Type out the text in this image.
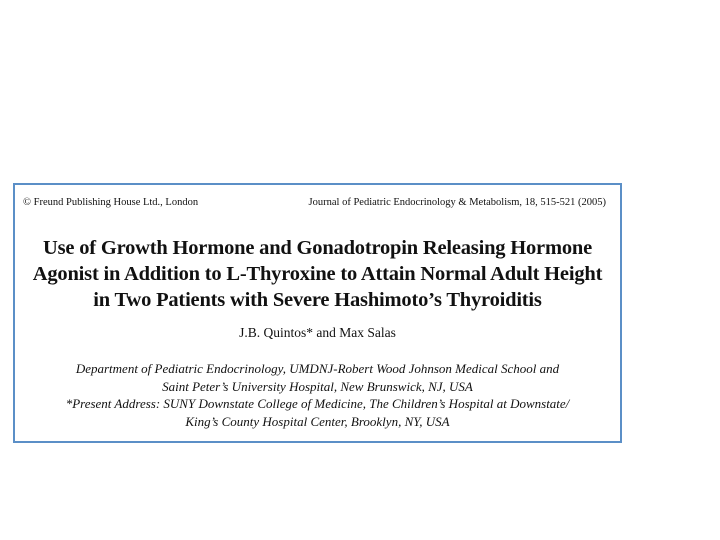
© Freund Publishing House Ltd., London	Journal of Pediatric Endocrinology & Metabolism, 18, 515-521 (2005)
Use of Growth Hormone and Gonadotropin Releasing Hormone
Agonist in Addition to L-Thyroxine to Attain Normal Adult Height
in Two Patients with Severe Hashimoto’s Thyroiditis
J.B. Quintos* and Max Salas
Department of Pediatric Endocrinology, UMDNJ-Robert Wood Johnson Medical School and
Saint Peter’s University Hospital, New Brunswick, NJ, USA
*Present Address: SUNY Downstate College of Medicine, The Children’s Hospital at Downstate/
King’s County Hospital Center, Brooklyn, NY, USA
